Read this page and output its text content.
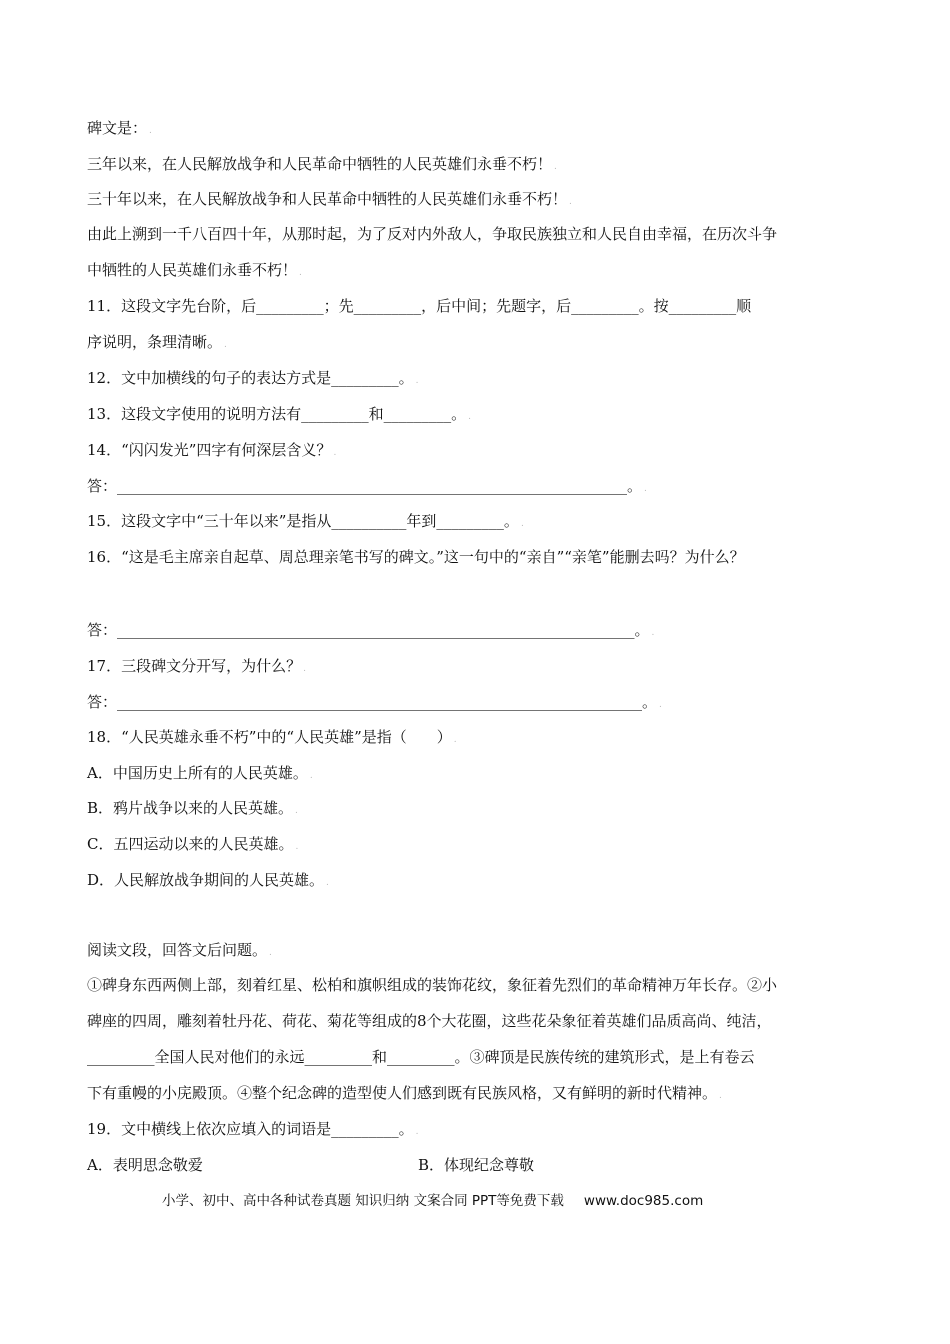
碑文是： .
三年以来，在人民解放战争和人民革命中牺牲的人民英雄们永垂不朽！ .
三十年以来，在人民解放战争和人民革命中牺牲的人民英雄们永垂不朽！ .
由此上溯到一千八百四十年，从那时起，为了反对内外敌人，争取民族独立和人民自由幸福，在历次斗争
中牺牲的人民英雄们永垂不朽！ .
11．这段文字先台阶，后_________；先_________，后中间；先题字，后_________。按_________顺
序说明，条理清晰。 .
12．文中加横线的句子的表达方式是_________。 .
13．这段文字使用的说明方法有_________和_________。 .
14．“闪闪发光”四字有何深层含义？ .
答：____________________________________________________________________。 .
15．这段文字中“三十年以来”是指从__________年到_________。 .
16．“这是毛主席亲自起草、周总理亲笔书写的碑文。”这一句中的“亲自”“亲笔”能删去吗？为什么？
答：_____________________________________________________________________。 .
17．三段碑文分开写，为什么？ .
答：______________________________________________________________________。 .
18．“人民英雄永垂不朽”中的“人民英雄”是指（　　） .
A．中国历史上所有的人民英雄。 .
B．鸦片战争以来的人民英雄。 .
C．五四运动以来的人民英雄。 .
D．人民解放战争期间的人民英雄。 .
阅读文段，回答文后问题。 .
①碑身东西两侧上部，刻着红星、松柏和旗帜组成的装饰花纹，象征着先烈们的革命精神万年长存。②小
碑座的四周，雕刻着牡丹花、荷花、菊花等组成的8个大花圈，这些花朵象征着英雄们品质高尚、纯洁，
_________全国人民对他们的永远_________和_________。③碑顶是民族传统的建筑形式，是上有卷云
下有重幔的小庑殿顶。④整个纪念碑的造型使人们感到既有民族风格，又有鲜明的新时代精神。 .
19．文中横线上依次应填入的词语是_________。 .
A．表明思念敬爱	B．体现纪念尊敬
小学、初中、高中各种试卷真题 知识归纳 文案合同 PPT等免费下载 www.doc985.com
